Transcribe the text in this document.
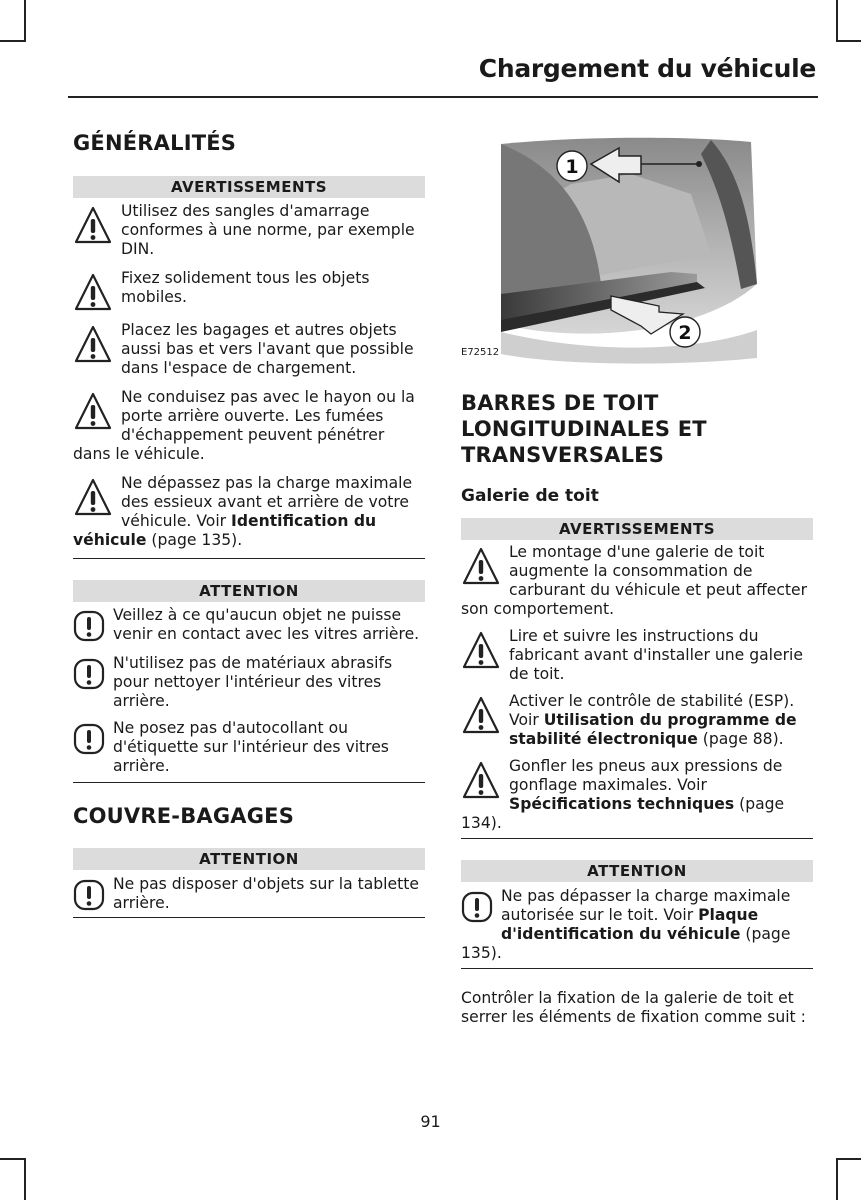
Chargement du véhicule
GÉNÉRALITÉS
AVERTISSEMENTS
Utilisez des sangles d'amarrage conformes à une norme, par exemple DIN.
Fixez solidement tous les objets mobiles.
Placez les bagages et autres objets aussi bas et vers l'avant que possible dans l'espace de chargement.
Ne conduisez pas avec le hayon ou la porte arrière ouverte. Les fumées d'échappement peuvent pénétrer dans le véhicule.
Ne dépassez pas la charge maximale des essieux avant et arrière de votre véhicule. Voir Identification du véhicule (page 135).
ATTENTION
Veillez à ce qu'aucun objet ne puisse venir en contact avec les vitres arrière.
N'utilisez pas de matériaux abrasifs pour nettoyer l'intérieur des vitres arrière.
Ne posez pas d'autocollant ou d'étiquette sur l'intérieur des vitres arrière.
COUVRE-BAGAGES
ATTENTION
Ne pas disposer d'objets sur la tablette arrière.
1
2
E72512
BARRES DE TOIT
LONGITUDINALES ET
TRANSVERSALES
Galerie de toit
AVERTISSEMENTS
Le montage d'une galerie de toit augmente la consommation de carburant du véhicule et peut affecter son comportement.
Lire et suivre les instructions du fabricant avant d'installer une galerie de toit.
Activer le contrôle de stabilité (ESP). Voir Utilisation du programme de stabilité électronique (page 88).
Gonfler les pneus aux pressions de gonflage maximales. Voir Spécifications techniques (page 134).
ATTENTION
Ne pas dépasser la charge maximale autorisée sur le toit. Voir Plaque d'identification du véhicule (page 135).
Contrôler la fixation de la galerie de toit et serrer les éléments de fixation comme suit :
91
